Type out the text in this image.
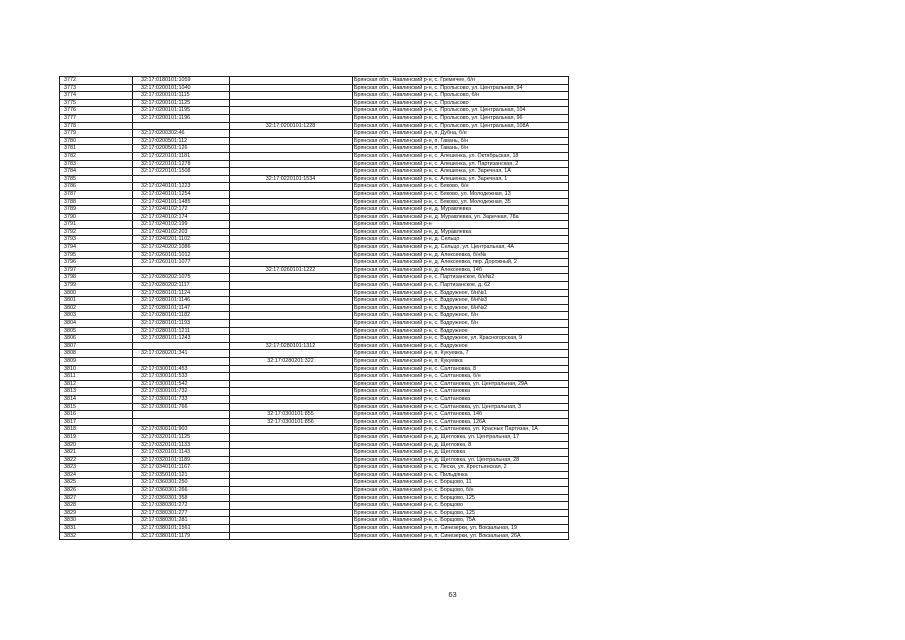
3772	32:17:0180101:1059		Брянская обл., Навлинский р-н, с. Гремячее, б/н
3773	32:17:0200101:1040		Брянская обл., Навлинский р-н, с. Пролысово, ул. Центральная, 94
3774	32:17:0200101:1115		Брянская обл., Навлинский р-н, с. Пролысово, б/н
3775	32:17:0200101:1125		Брянская обл., Навлинский р-н, с. Пролысово
3776	32:17:0200101:1195		Брянская обл., Навлинский р-н, с. Пролысово, ул. Центральная, 104
3777	32:17:0200101:1196		Брянская обл., Навлинский р-н, с. Пролысово, ул. Центральная, 96
3778		32:17:0200101:1228	Брянская обл., Навлинский р-н, с. Пролысово, ул. Центральная, 108А
3779	32:17:0200302:46		Брянская обл., Навлинский р-н, п. Дубна, б/н
3780	32:17:0200501:112		Брянская обл., Навлинский р-н, п. Гавань, б/н
3781	32:17:0200501:126		Брянская обл., Навлинский р-н, п. Гавань, б/н
3782	32:17:0220101:1181		Брянская обл., Навлинский р-н, с. Алешенка, ул. Октябрьская, 18
3783	32:17:0220101:1278		Брянская обл., Навлинский р-н, с. Алешенка, ул. Партизанская, 2
3784	32:17:0220101:1508		Брянская обл., Навлинский р-н, с. Алешенка, ул. Заречная, 1А
3785		32:17:0220101:1534	Брянская обл., Навлинский р-н, с. Алешенка, ул. Заречная, 1
3786	32:17:0240101:1223		Брянская обл., Навлинский р-н, с. Бяково, б/н
3787	32:17:0240101:1254		Брянская обл., Навлинский р-н, с. Бяково, ул. Молодежная, 13
3788	32:17:0240101:1485		Брянская обл., Навлинский р-н, с. Бяково, ул. Молодежная, 35
3789	32:17:0240102:172		Брянская обл., Навлинский р-н, д. Мурaвлевка
3790	32:17:0240102:174		Брянская обл., Навлинский р-н, д. Муравлевка, ул. Заречная, 78а
3791	32:17:0240102:199		Брянская обл., Навлинский р-н
3792	32:17:0240102:203		Брянская обл., Навлинский р-н, д. Муравлевка
3793	32:17:0240201:1102		Брянская обл., Навлинский р-н, д. Сельцо
3794	32:17:0240202:1086		Брянская обл., Навлинский р-н, д. Сельцо, ул. Центральная, 4А
3795	32:17:0260101:1012		Брянская обл., Навлинский р-н, д. Алексеевка, б/н№
3796	32:17:0260101:1077		Брянская обл., Навлинский р-н, д. Алексеевка, пер. Дорожный, 2
3797		32:17:0260101:1222	Брянская обл., Навлинский р-н, д. Алексеевка, 14б
3798	32:17:0280202:1075		Брянская обл., Навлинский р-н, с. Партизанское, б/н№2
3799	32:17:0280202:1117		Брянская обл., Навлинский р-н, с. Партизанское, д. 62
3800	32:17:0280101:1124		Брянская обл., Навлинский р-н, с. Вздружное, б/н№1
3801	32:17:0280101:1146		Брянская обл., Навлинский р-н, с. Вздружное, б/н№3
3802	32:17:0280101:1147		Брянская обл., Навлинский р-н, с. Вздружное, б/н№2
3803	32:17:0280101:1182		Брянская обл., Навлинский р-н, с. Вздружное, б/н
3804	32:17:0280101:1193		Брянская обл., Навлинский р-н, с. Вздружное, б/н
3805	32:17:0280101:1211		Брянская обл., Навлинский р-н, с. Вздружное
3806	32:17:0280101:1243		Брянская обл., Навлинский р-н, с. Вздружное, ул. Красногорская, 9
3807		32:17:0280101:1312	Брянская обл., Навлинский р-н, с. Вздружное
3808	32:17:0280201:341		Брянская обл., Навлинский р-н, п. Кукуевка, 7
3809		32:17:0280201:322	Брянская обл., Навлинский р-н, п. Кукуевка
3810	32:17:0300101:453		Брянская обл., Навлинский р-н, с. Салтановка, 8
3811	32:17:0300101:533		Брянская обл., Навлинский р-н, с. Салтановка, б/н
3812	32:17:0300101:542		Брянская обл., Навлинский р-н, с. Салтановка, ул. Центральная, 29А
3813	32:17:0300101:732		Брянская обл., Навлинский р-н, с. Салтановка
3814	32:17:0300101:733		Брянская обл., Навлинский р-н, с. Салтановка
3815	32:17:0300101:766		Брянская обл., Навлинский р-н, с. Салтановка, ул. Центральная, 3
3816		32:17:0300101:855	Брянская обл., Навлинский р-н, с. Салтановка, 14б
3817		32:17:0300101:856	Брянская обл., Навлинский р-н, с. Салтановка, 126А
3818	32:17:0300101:903		Брянская обл., Навлинский р-н, с. Салтановка, ул. Красных Партизан, 1А
3819	32:17:0320101:1125		Брянская обл., Навлинский р-н, д. Щегловка, ул. Центральная, 17
3820	32:17:0320101:1133		Брянская обл., Навлинский р-н, д. Щегловка, 8
3821	32:17:0320101:1143		Брянская обл., Навлинский р-н, д. Щегловка
3822	32:17:0320101:1189		Брянская обл., Навлинский р-н, д. Щегловка, ул. Центральная, 28
3823	32:17:0340101:1167		Брянская обл., Навлинский р-н, с. Лески, ул. Крестьянская, 2
3824	32:17:0350101:121		Брянская обл., Навлинский р-н, с. Пильдянка
3825	32:17:0360301:250		Брянская обл., Навлинский р-н, с. Борщово, 11
3826	32:17:0360301:266		Брянская обл., Навлинский р-н, с. Борщово, б/н
3827	32:17:0360301:358		Брянская обл., Навлинский р-н, с. Борщово, 125
3828	32:17:0380301:272		Брянская обл., Навлинский р-н, с. Борщово
3829	32:17:0380301:277		Брянская обл., Навлинский р-н, с. Борщово, 125
3830	32:17:0380301:281		Брянская обл., Навлинский р-н, с. Борщово, 75А
3831	32:17:0380101:1561		Брянская обл., Навлинский р-н, п. Синезерки, ул. Вокзальная, 19
3832	32:17:0380101:1179		Брянская обл., Навлинский р-н, п. Синезерки, ул. Вокзальная, 26А
63
